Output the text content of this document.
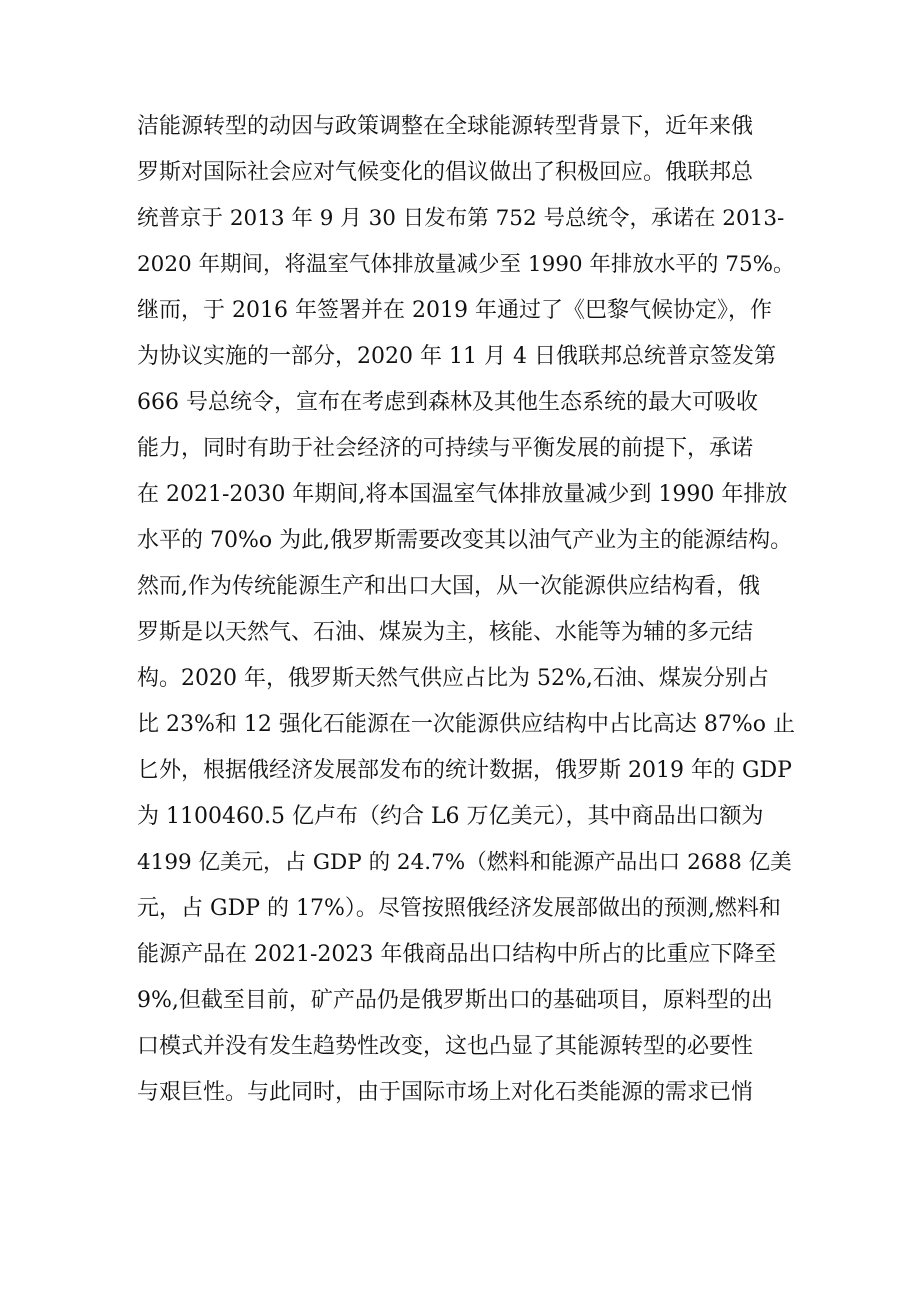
洁能源转型的动因与政策调整在全球能源转型背景下，近年来俄
罗斯对国际社会应对气候变化的倡议做出了积极回应。俄联邦总
统普京于 2013 年 9 月 30 日发布第 752 号总统令，承诺在 2013-
2020 年期间，将温室气体排放量减少至 1990 年排放水平的 75%。
继而，于 2016 年签署并在 2019 年通过了《巴黎气候协定》，作
为协议实施的一部分，2020 年 11 月 4 日俄联邦总统普京签发第
666 号总统令，宣布在考虑到森林及其他生态系统的最大可吸收
能力，同时有助于社会经济的可持续与平衡发展的前提下，承诺
在 2021-2030 年期间,将本国温室气体排放量减少到 1990 年排放
水平的 70%o 为此,俄罗斯需要改变其以油气产业为主的能源结构。
然而,作为传统能源生产和出口大国，从一次能源供应结构看，俄
罗斯是以天然气、石油、煤炭为主，核能、水能等为辅的多元结
构。2020 年，俄罗斯天然气供应占比为 52%,石油、煤炭分别占
比 23%和 12 强化石能源在一次能源供应结构中占比高达 87%o 止
匕外，根据俄经济发展部发布的统计数据，俄罗斯 2019 年的 GDP
为 1100460.5 亿卢布（约合 L6 万亿美元），其中商品出口额为
4199 亿美元，占 GDP 的 24.7%（燃料和能源产品出口 2688 亿美
元，占 GDP 的 17%）。尽管按照俄经济发展部做出的预测,燃料和
能源产品在 2021-2023 年俄商品出口结构中所占的比重应下降至
9%,但截至目前，矿产品仍是俄罗斯出口的基础项目，原料型的出
口模式并没有发生趋势性改变，这也凸显了其能源转型的必要性
与艰巨性。与此同时，由于国际市场上对化石类能源的需求已悄
